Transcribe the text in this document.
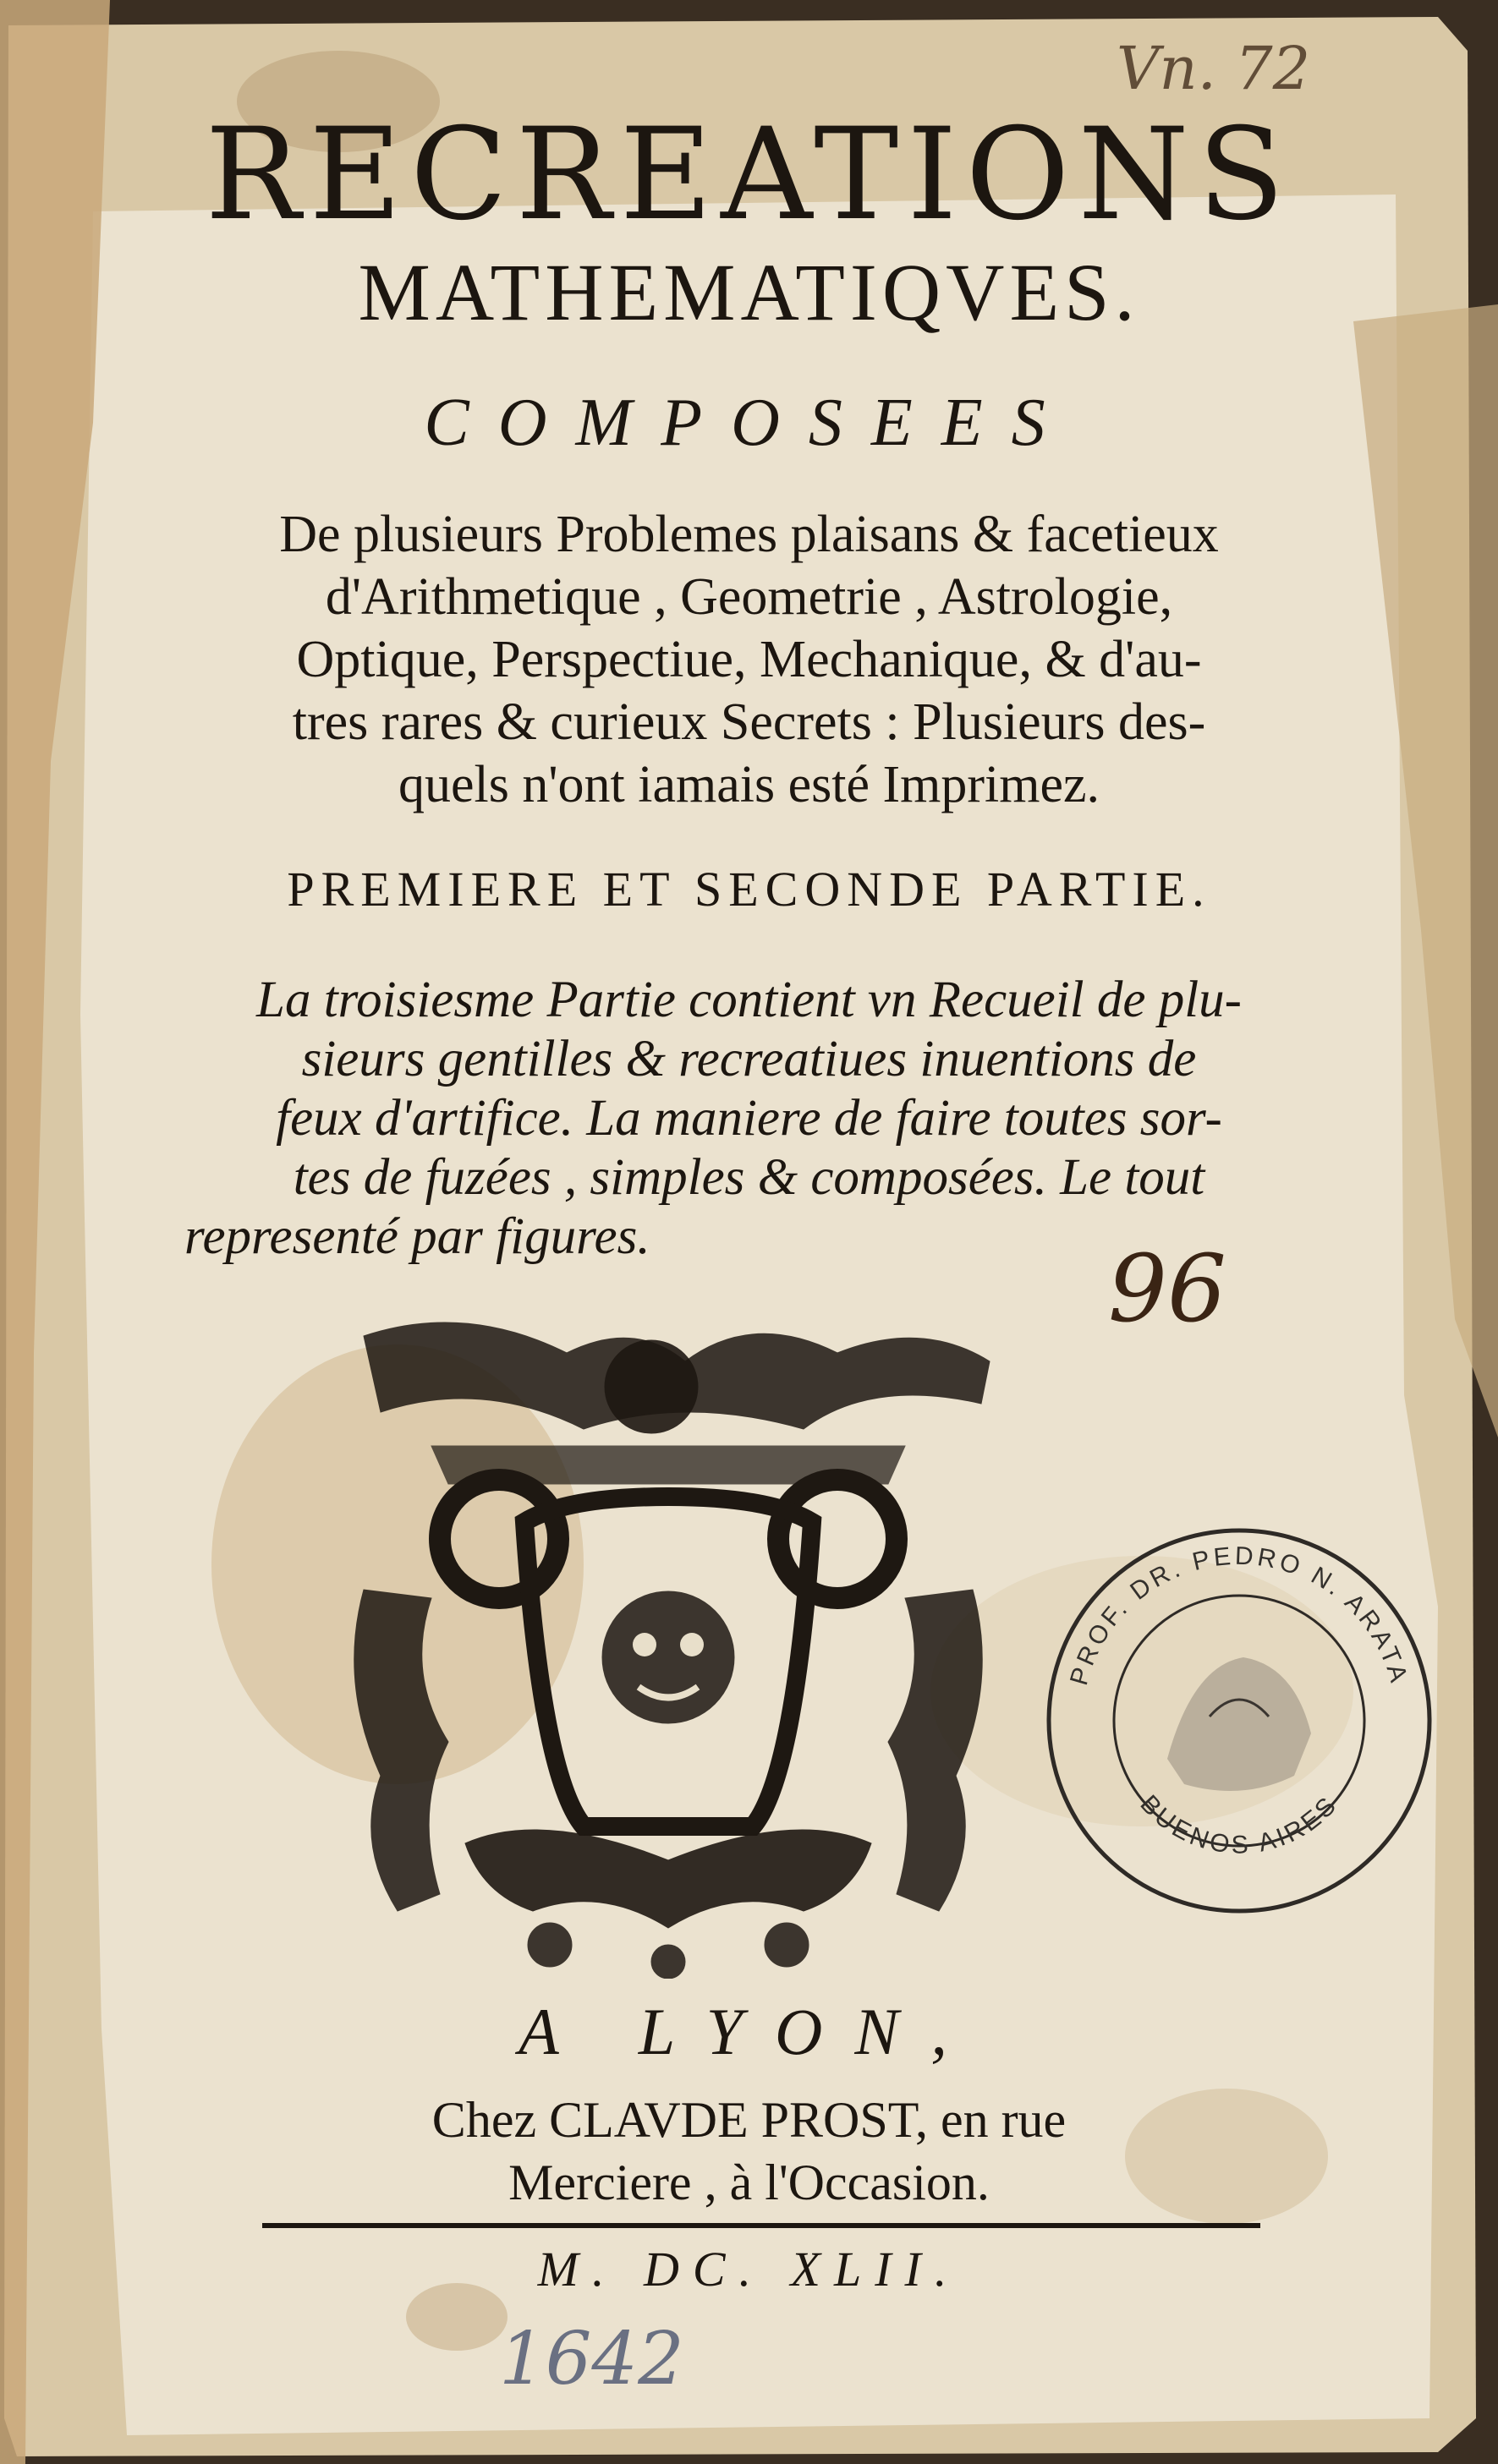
RECREATIONS
MATHEMATIQVES.
COMPOSEES
De plusieurs Problemes plaisans & facetieux
d'Arithmetique , Geometrie , Astrologie,
Optique, Perspectiue, Mechanique, & d'au-
tres rares & curieux Secrets : Plusieurs des-
quels n'ont iamais esté Imprimez.
PREMIERE ET SECONDE PARTIE.
La troisiesme Partie contient vn Recueil de plu-
sieurs gentilles & recreatiues inuentions de
feux d'artifice. La maniere de faire toutes sor-
tes de fuzées , simples & composées. Le tout
representé par figures.	96
Vn. 72
PROF. DR. PEDRO N. ARATA
BUENOS AIRES
A LYON,
Chez CLAVDE PROST, en rue
Merciere , à l'Occasion.
M. DC. XLII.
1642
